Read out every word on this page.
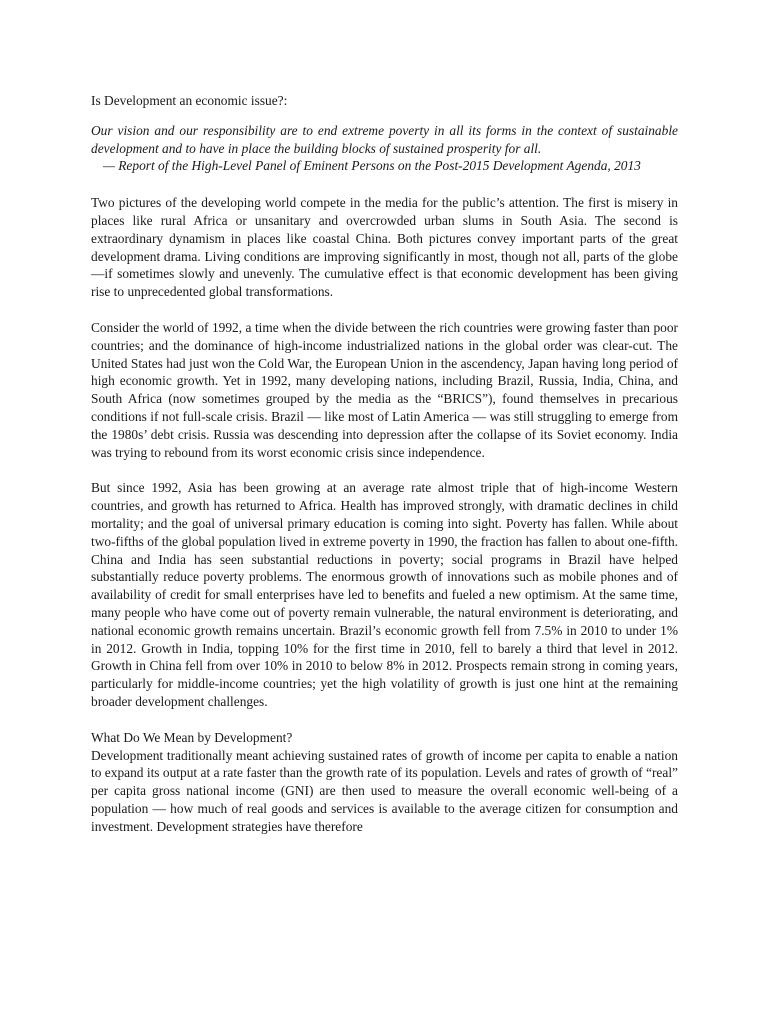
Is Development an economic issue?:

Our vision and our responsibility are to end extreme poverty in all its forms in the context of sustainable development and to have in place the building blocks of sustained prosperity for all.

— Report of the High-Level Panel of Eminent Persons on the Post-2015 Development Agenda, 2013

Two pictures of the developing world compete in the media for the public’s attention. The first is misery in places like rural Africa or unsanitary and overcrowded urban slums in South Asia. The second is extraordinary dynamism in places like coastal China. Both pictures convey important parts of the great development drama. Living conditions are improving significantly in most, though not all, parts of the globe—if sometimes slowly and unevenly. The cumulative effect is that economic development has been giving rise to unprecedented global transformations.

Consider the world of 1992, a time when the divide between the rich countries were growing faster than poor countries; and the dominance of high-income industrialized nations in the global order was clear-cut. The United States had just won the Cold War, the European Union in the ascendency, Japan having long period of high economic growth. Yet in 1992, many developing nations, including Brazil, Russia, India, China, and South Africa (now sometimes grouped by the media as the “BRICS”), found themselves in precarious conditions if not full-scale crisis. Brazil — like most of Latin America — was still struggling to emerge from the 1980s’ debt crisis. Russia was descending into depression after the collapse of its Soviet economy. India was trying to rebound from its worst economic crisis since independence.

But since 1992, Asia has been growing at an average rate almost triple that of high-income Western countries, and growth has returned to Africa. Health has improved strongly, with dramatic declines in child mortality; and the goal of universal primary education is coming into sight. Poverty has fallen. While about two-fifths of the global population lived in extreme poverty in 1990, the fraction has fallen to about one-fifth. China and India has seen substantial reductions in poverty; social programs in Brazil have helped substantially reduce poverty problems. The enormous growth of innovations such as mobile phones and of availability of credit for small enterprises have led to benefits and fueled a new optimism. At the same time, many people who have come out of poverty remain vulnerable, the natural environment is deteriorating, and national economic growth remains uncertain. Brazil’s economic growth fell from 7.5% in 2010 to under 1% in 2012. Growth in India, topping 10% for the first time in 2010, fell to barely a third that level in 2012. Growth in China fell from over 10% in 2010 to below 8% in 2012. Prospects remain strong in coming years, particularly for middle-income countries; yet the high volatility of growth is just one hint at the remaining broader development challenges.

What Do We Mean by Development?

Development traditionally meant achieving sustained rates of growth of income per capita to enable a nation to expand its output at a rate faster than the growth rate of its population. Levels and rates of growth of “real” per capita gross national income (GNI) are then used to measure the overall economic well-being of a population — how much of real goods and services is available to the average citizen for consumption and investment. Development strategies have therefore
